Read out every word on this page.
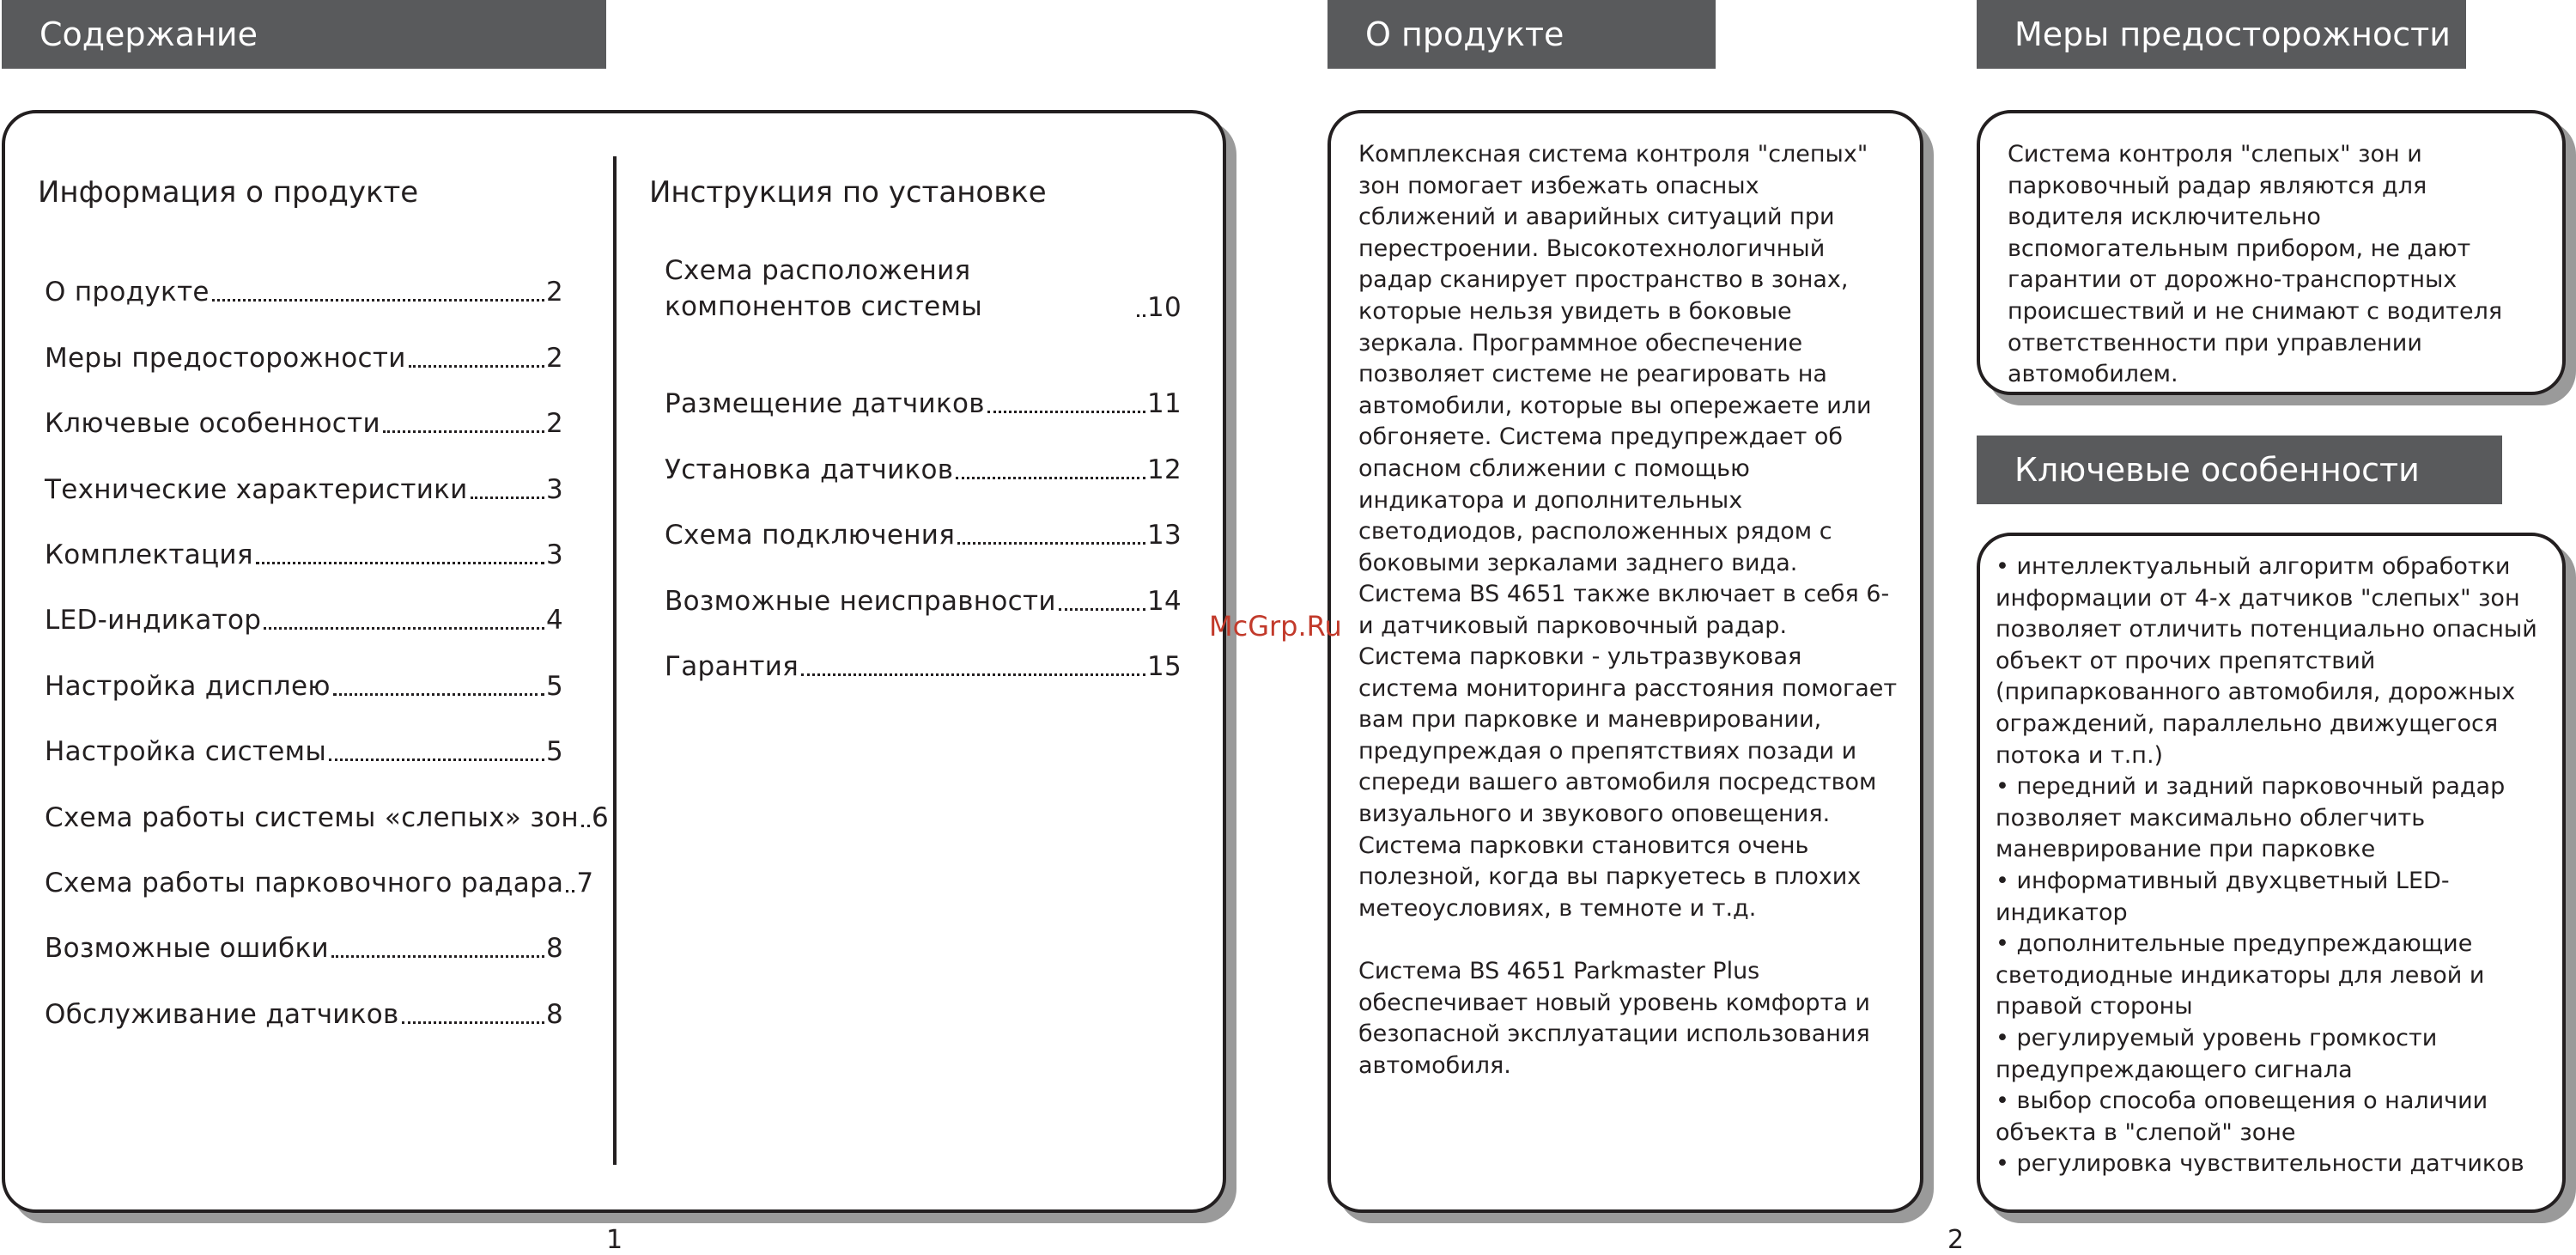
Содержание	О продукте	Меры предосторожности
Ключевые особенности
Информация о продукте
О продукте	2
Меры предосторожности	2
Ключевые особенности	2
Технические характеристики	3
Комплектация	3
LED-индикатор	4
Настройка дисплею	5
Настройка системы	5
Схема работы системы «слепых» зон 6
Схема работы парковочного радара 7
Возможные ошибки	8
Обслуживание датчиков	8
Инструкция по установке
Схема расположения компонентов системы	10
Размещение датчиков	11
Установка датчиков	12
Схема подключения	13
Возможные неисправности	14
Гарантия	15

Комплексная система контроля "слепых" зон помогает избежать опасных сближений и аварийных ситуаций при перестроении. Высокотехнологичный радар сканирует пространство в зонах, которые нельзя увидеть в боковые зеркала. Программное обеспечение позволяет системе не реагировать на автомобили, которые вы опережаете или обгоняете. Система предупреждает об опасном сближении с помощью индикатора и дополнительных светодиодов, расположенных рядом с боковыми зеркалами заднего вида.

Система BS 4651 также включает в себя 6-и датчиковый парковочный радар.

Система парковки - ультразвуковая система мониторинга расстояния помогает вам при парковке и маневрировании, предупреждая о препятствиях позади и спереди вашего автомобиля посредством визуального и звукового оповещения. Система парковки становится очень полезной, когда вы паркуетесь в плохих метеоусловиях, в темноте и т.д.

Система BS 4651 Parkmaster Plus обеспечивает новый уровень комфорта и безопасной эксплуатации использования автомобиля.

Система контроля "слепых" зон и парковочный радар являются для водителя исключительно вспомогательным прибором, не дают гарантии от дорожно-транспортных происшествий и не снимают с водителя ответственности при управлении автомобилем.

• интеллектуальный алгоритм обработки информации от 4-х датчиков "слепых" зон позволяет отличить потенциально опасный объект от прочих препятствий (припаркованного автомобиля, дорожных ограждений, параллельно движущегося потока и т.п.)
• передний и задний парковочный радар позволяет максимально облегчить маневрирование при парковке
• информативный двухцветный LED-индикатор
• дополнительные предупреждающие светодиодные индикаторы для левой и правой стороны
• регулируемый уровень громкости предупреждающего сигнала
• выбор способа оповещения о наличии объекта в "слепой" зоне
• регулировка чувствительности датчиков
1	2
McGrp.Ru
